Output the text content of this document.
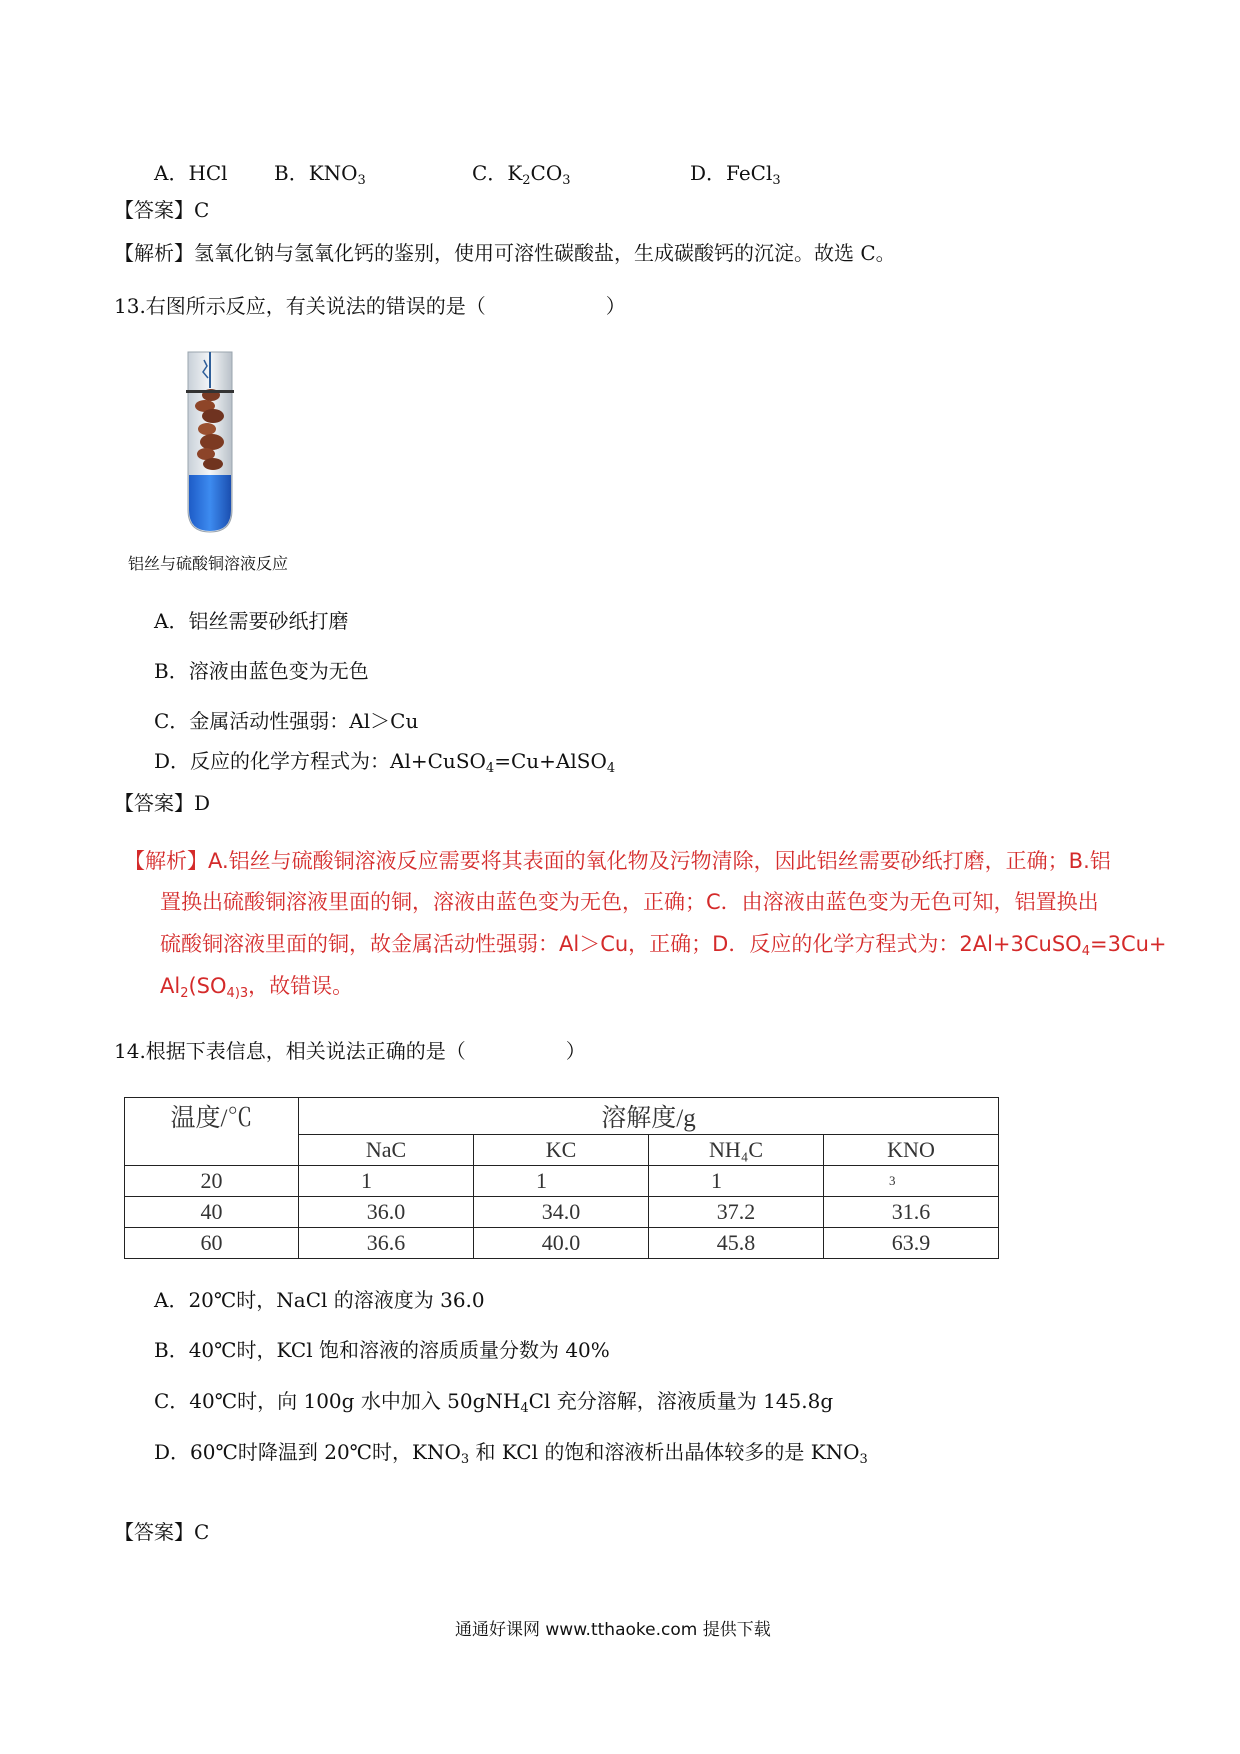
A．HCl B．$KNO_3$	C．$K_2CO_3$	D．FeCl$_3$
【答案】C
【解析】氢氧化钠与氢氧化钙的鉴别，使用可溶性碳酸盐，生成碳酸钙的沉淀。故选 C。
13.右图所示反应，有关说法的错误的是（　　　　　　）
铝丝与硫酸铜溶液反应
A．铝丝需要砂纸打磨
B．溶液由蓝色变为无色
C．金属活动性强弱：Al＞Cu
D．反应的化学方程式为：Al+CuSO$_4$=Cu+AlSO$_4$
【答案】D
【解析】A.铝丝与硫酸铜溶液反应需要将其表面的氧化物及污物清除，因此铝丝需要砂纸打磨，正确；B.铝
置换出硫酸铜溶液里面的铜，溶液由蓝色变为无色，正确；C．由溶液由蓝色变为无色可知，铝置换出
硫酸铜溶液里面的铜，故金属活动性强弱：Al＞Cu，正确；D．反应的化学方程式为：2Al+3CuSO$_4$=3Cu+
$Al_2(SO_{4)3}$，故错误。
14.根据下表信息，相关说法正确的是（　　　　　）
温度/℃	溶解度/g			
	NaC	KC	NH₄C	KNO
20	1	1	1	3
40	36.0	34.0	37.2	31.6
60	36.6	40.0	45.8	63.9
A．20℃时，NaCl 的溶液度为 36.0
B．40℃时，KCl 饱和溶液的溶质质量分数为 40%
C．40℃时，向 100g 水中加入 50gNH$_4$Cl 充分溶解，溶液质量为 145.8g
D．60℃时降温到 20℃时，$KNO_3$ 和 KCl 的饱和溶液析出晶体较多的是 $KNO_3$
【答案】C
通通好课网 www.tthaoke.com 提供下载
